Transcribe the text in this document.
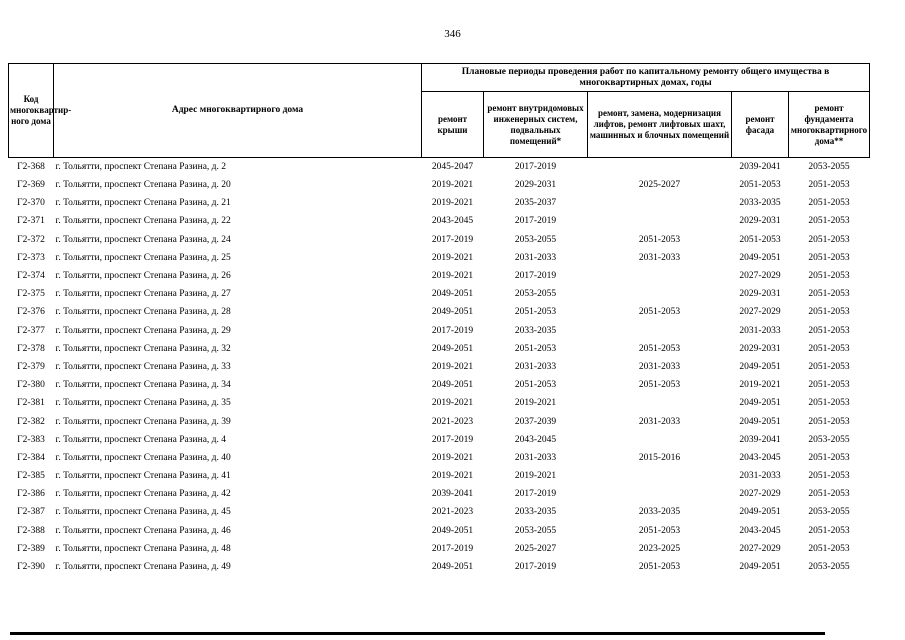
346
Код многоквартир-ного дома	Адрес многоквартирного дома	Плановые периоды проведения работ по капитальному ремонту общего имущества в многоквартирных домах, годы				
		ремонт крыши	ремонт внутридомовых инженерных систем, подвальных помещений*	ремонт, замена, модернизация лифтов, ремонт лифтовых шахт, машинных и блочных помещений	ремонт фасада	ремонт фундамента многоквартирного дома**
Г2-368	г. Тольятти, проспект Степана Разина, д. 2	2045-2047	2017-2019		2039-2041	2053-2055
Г2-369	г. Тольятти, проспект Степана Разина, д. 20	2019-2021	2029-2031	2025-2027	2051-2053	2051-2053
Г2-370	г. Тольятти, проспект Степана Разина, д. 21	2019-2021	2035-2037		2033-2035	2051-2053
Г2-371	г. Тольятти, проспект Степана Разина, д. 22	2043-2045	2017-2019		2029-2031	2051-2053
Г2-372	г. Тольятти, проспект Степана Разина, д. 24	2017-2019	2053-2055	2051-2053	2051-2053	2051-2053
Г2-373	г. Тольятти, проспект Степана Разина, д. 25	2019-2021	2031-2033	2031-2033	2049-2051	2051-2053
Г2-374	г. Тольятти, проспект Степана Разина, д. 26	2019-2021	2017-2019		2027-2029	2051-2053
Г2-375	г. Тольятти, проспект Степана Разина, д. 27	2049-2051	2053-2055		2029-2031	2051-2053
Г2-376	г. Тольятти, проспект Степана Разина, д. 28	2049-2051	2051-2053	2051-2053	2027-2029	2051-2053
Г2-377	г. Тольятти, проспект Степана Разина, д. 29	2017-2019	2033-2035		2031-2033	2051-2053
Г2-378	г. Тольятти, проспект Степана Разина, д. 32	2049-2051	2051-2053	2051-2053	2029-2031	2051-2053
Г2-379	г. Тольятти, проспект Степана Разина, д. 33	2019-2021	2031-2033	2031-2033	2049-2051	2051-2053
Г2-380	г. Тольятти, проспект Степана Разина, д. 34	2049-2051	2051-2053	2051-2053	2019-2021	2051-2053
Г2-381	г. Тольятти, проспект Степана Разина, д. 35	2019-2021	2019-2021		2049-2051	2051-2053
Г2-382	г. Тольятти, проспект Степана Разина, д. 39	2021-2023	2037-2039	2031-2033	2049-2051	2051-2053
Г2-383	г. Тольятти, проспект Степана Разина, д. 4	2017-2019	2043-2045		2039-2041	2053-2055
Г2-384	г. Тольятти, проспект Степана Разина, д. 40	2019-2021	2031-2033	2015-2016	2043-2045	2051-2053
Г2-385	г. Тольятти, проспект Степана Разина, д. 41	2019-2021	2019-2021		2031-2033	2051-2053
Г2-386	г. Тольятти, проспект Степана Разина, д. 42	2039-2041	2017-2019		2027-2029	2051-2053
Г2-387	г. Тольятти, проспект Степана Разина, д. 45	2021-2023	2033-2035	2033-2035	2049-2051	2053-2055
Г2-388	г. Тольятти, проспект Степана Разина, д. 46	2049-2051	2053-2055	2051-2053	2043-2045	2051-2053
Г2-389	г. Тольятти, проспект Степана Разина, д. 48	2017-2019	2025-2027	2023-2025	2027-2029	2051-2053
Г2-390	г. Тольятти, проспект Степана Разина, д. 49	2049-2051	2017-2019	2051-2053	2049-2051	2053-2055
